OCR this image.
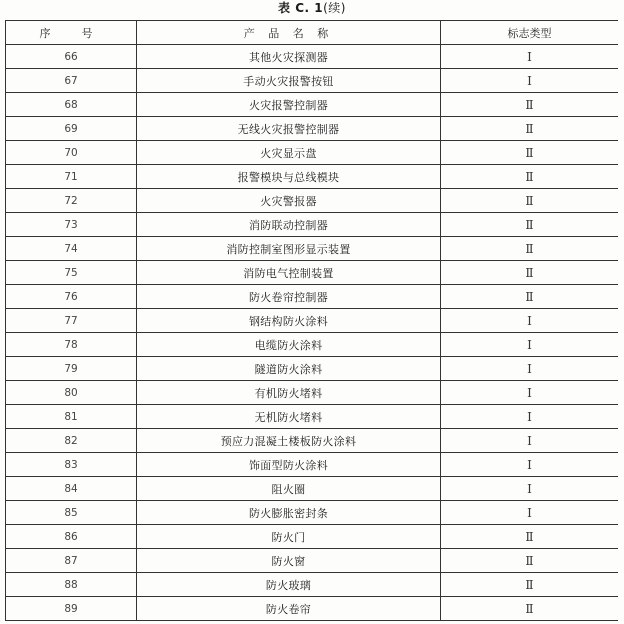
表 C. 1(续)
序　号	产 品 名 称	标志类型
66	其他火灾探测器	Ⅰ
67	手动火灾报警按钮	Ⅰ
68	火灾报警控制器	Ⅱ
69	无线火灾报警控制器	Ⅱ
70	火灾显示盘	Ⅱ
71	报警模块与总线模块	Ⅱ
72	火灾警报器	Ⅱ
73	消防联动控制器	Ⅱ
74	消防控制室图形显示装置	Ⅱ
75	消防电气控制装置	Ⅱ
76	防火卷帘控制器	Ⅱ
77	钢结构防火涂料	Ⅰ
78	电缆防火涂料	Ⅰ
79	隧道防火涂料	Ⅰ
80	有机防火堵料	Ⅰ
81	无机防火堵料	Ⅰ
82	预应力混凝土楼板防火涂料	Ⅰ
83	饰面型防火涂料	Ⅰ
84	阻火圈	Ⅰ
85	防火膨胀密封条	Ⅰ
86	防火门	Ⅱ
87	防火窗	Ⅱ
88	防火玻璃	Ⅱ
89	防火卷帘	Ⅱ
